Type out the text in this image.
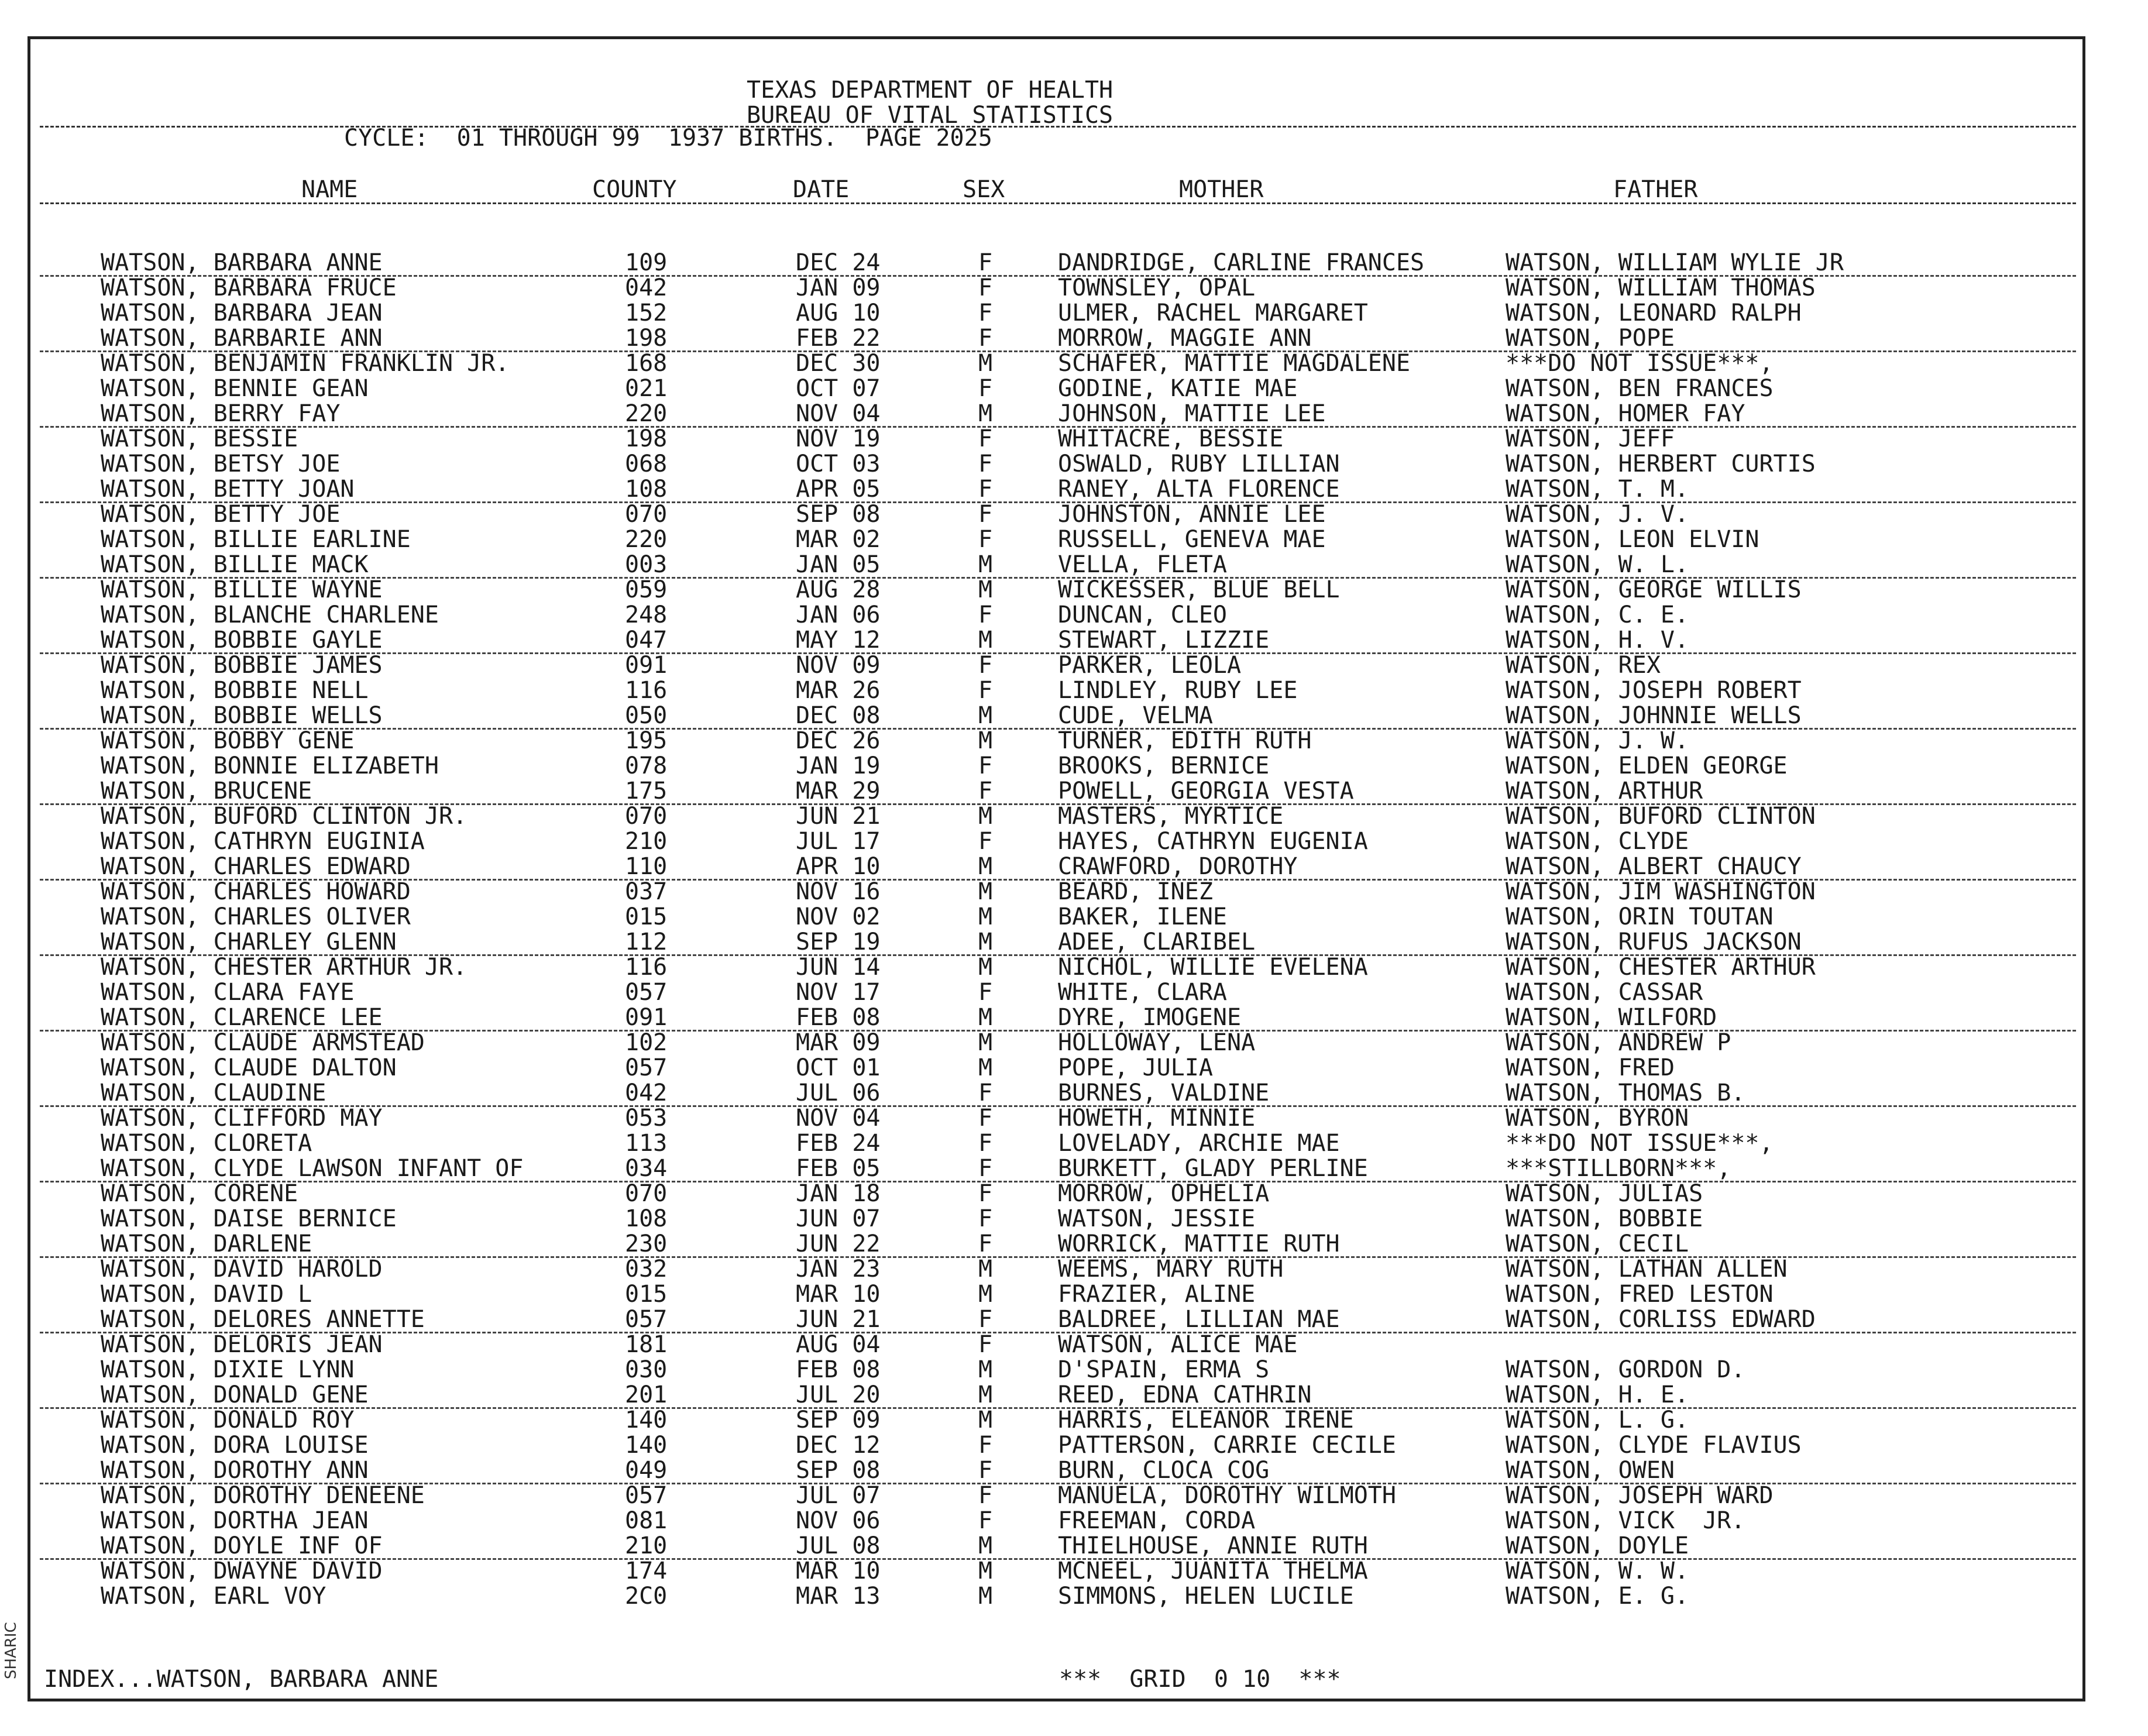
SHARIC
TEXAS DEPARTMENT OF HEALTH
BUREAU OF VITAL STATISTICS
CYCLE:  01 THROUGH 99  1937 BIRTHS.  PAGE 2025
NAME	COUNTY	DATE	SEX	MOTHER	FATHER
WATSON, BARBARA ANNE	109	DEC 24	F	DANDRIDGE, CARLINE FRANCES	WATSON, WILLIAM WYLIE JR
WATSON, BARBARA FRUCE	042	JAN 09	F	TOWNSLEY, OPAL	WATSON, WILLIAM THOMAS
WATSON, BARBARA JEAN	152	AUG 10	F	ULMER, RACHEL MARGARET	WATSON, LEONARD RALPH
WATSON, BARBARIE ANN	198	FEB 22	F	MORROW, MAGGIE ANN	WATSON, POPE
WATSON, BENJAMIN FRANKLIN JR.	168	DEC 30	M	SCHAFER, MATTIE MAGDALENE	***DO NOT ISSUE***,
WATSON, BENNIE GEAN	021	OCT 07	F	GODINE, KATIE MAE	WATSON, BEN FRANCES
WATSON, BERRY FAY	220	NOV 04	M	JOHNSON, MATTIE LEE	WATSON, HOMER FAY
WATSON, BESSIE	198	NOV 19	F	WHITACRE, BESSIE	WATSON, JEFF
WATSON, BETSY JOE	068	OCT 03	F	OSWALD, RUBY LILLIAN	WATSON, HERBERT CURTIS
WATSON, BETTY JOAN	108	APR 05	F	RANEY, ALTA FLORENCE	WATSON, T. M.
WATSON, BETTY JOE	070	SEP 08	F	JOHNSTON, ANNIE LEE	WATSON, J. V.
WATSON, BILLIE EARLINE	220	MAR 02	F	RUSSELL, GENEVA MAE	WATSON, LEON ELVIN
WATSON, BILLIE MACK	003	JAN 05	M	VELLA, FLETA	WATSON, W. L.
WATSON, BILLIE WAYNE	059	AUG 28	M	WICKESSER, BLUE BELL	WATSON, GEORGE WILLIS
WATSON, BLANCHE CHARLENE	248	JAN 06	F	DUNCAN, CLEO	WATSON, C. E.
WATSON, BOBBIE GAYLE	047	MAY 12	M	STEWART, LIZZIE	WATSON, H. V.
WATSON, BOBBIE JAMES	091	NOV 09	F	PARKER, LEOLA	WATSON, REX
WATSON, BOBBIE NELL	116	MAR 26	F	LINDLEY, RUBY LEE	WATSON, JOSEPH ROBERT
WATSON, BOBBIE WELLS	050	DEC 08	M	CUDE, VELMA	WATSON, JOHNNIE WELLS
WATSON, BOBBY GENE	195	DEC 26	M	TURNER, EDITH RUTH	WATSON, J. W.
WATSON, BONNIE ELIZABETH	078	JAN 19	F	BROOKS, BERNICE	WATSON, ELDEN GEORGE
WATSON, BRUCENE	175	MAR 29	F	POWELL, GEORGIA VESTA	WATSON, ARTHUR
WATSON, BUFORD CLINTON JR.	070	JUN 21	M	MASTERS, MYRTICE	WATSON, BUFORD CLINTON
WATSON, CATHRYN EUGINIA	210	JUL 17	F	HAYES, CATHRYN EUGENIA	WATSON, CLYDE
WATSON, CHARLES EDWARD	110	APR 10	M	CRAWFORD, DOROTHY	WATSON, ALBERT CHAUCY
WATSON, CHARLES HOWARD	037	NOV 16	M	BEARD, INEZ	WATSON, JIM WASHINGTON
WATSON, CHARLES OLIVER	015	NOV 02	M	BAKER, ILENE	WATSON, ORIN TOUTAN
WATSON, CHARLEY GLENN	112	SEP 19	M	ADEE, CLARIBEL	WATSON, RUFUS JACKSON
WATSON, CHESTER ARTHUR JR.	116	JUN 14	M	NICHOL, WILLIE EVELENA	WATSON, CHESTER ARTHUR
WATSON, CLARA FAYE	057	NOV 17	F	WHITE, CLARA	WATSON, CASSAR
WATSON, CLARENCE LEE	091	FEB 08	M	DYRE, IMOGENE	WATSON, WILFORD
WATSON, CLAUDE ARMSTEAD	102	MAR 09	M	HOLLOWAY, LENA	WATSON, ANDREW P
WATSON, CLAUDE DALTON	057	OCT 01	M	POPE, JULIA	WATSON, FRED
WATSON, CLAUDINE	042	JUL 06	F	BURNES, VALDINE	WATSON, THOMAS B.
WATSON, CLIFFORD MAY	053	NOV 04	F	HOWETH, MINNIE	WATSON, BYRON
WATSON, CLORETA	113	FEB 24	F	LOVELADY, ARCHIE MAE	***DO NOT ISSUE***,
WATSON, CLYDE LAWSON INFANT OF	034	FEB 05	F	BURKETT, GLADY PERLINE	***STILLBORN***,
WATSON, CORENE	070	JAN 18	F	MORROW, OPHELIA	WATSON, JULIAS
WATSON, DAISE BERNICE	108	JUN 07	F	WATSON, JESSIE	WATSON, BOBBIE
WATSON, DARLENE	230	JUN 22	F	WORRICK, MATTIE RUTH	WATSON, CECIL
WATSON, DAVID HAROLD	032	JAN 23	M	WEEMS, MARY RUTH	WATSON, LATHAN ALLEN
WATSON, DAVID L	015	MAR 10	M	FRAZIER, ALINE	WATSON, FRED LESTON
WATSON, DELORES ANNETTE	057	JUN 21	F	BALDREE, LILLIAN MAE	WATSON, CORLISS EDWARD
WATSON, DELORIS JEAN	181	AUG 04	F	WATSON, ALICE MAE
WATSON, DIXIE LYNN	030	FEB 08	M	D'SPAIN, ERMA S	WATSON, GORDON D.
WATSON, DONALD GENE	201	JUL 20	M	REED, EDNA CATHRIN	WATSON, H. E.
WATSON, DONALD ROY	140	SEP 09	M	HARRIS, ELEANOR IRENE	WATSON, L. G.
WATSON, DORA LOUISE	140	DEC 12	F	PATTERSON, CARRIE CECILE	WATSON, CLYDE FLAVIUS
WATSON, DOROTHY ANN	049	SEP 08	F	BURN, CLOCA COG	WATSON, OWEN
WATSON, DOROTHY DENEENE	057	JUL 07	F	MANUELA, DOROTHY WILMOTH	WATSON, JOSEPH WARD
WATSON, DORTHA JEAN	081	NOV 06	F	FREEMAN, CORDA	WATSON, VICK  JR.
WATSON, DOYLE INF OF	210	JUL 08	M	THIELHOUSE, ANNIE RUTH	WATSON, DOYLE
WATSON, DWAYNE DAVID	174	MAR 10	M	MCNEEL, JUANITA THELMA	WATSON, W. W.
WATSON, EARL VOY	2C0	MAR 13	M	SIMMONS, HELEN LUCILE	WATSON, E. G.
INDEX...WATSON, BARBARA ANNE	***  GRID  0 10  ***
